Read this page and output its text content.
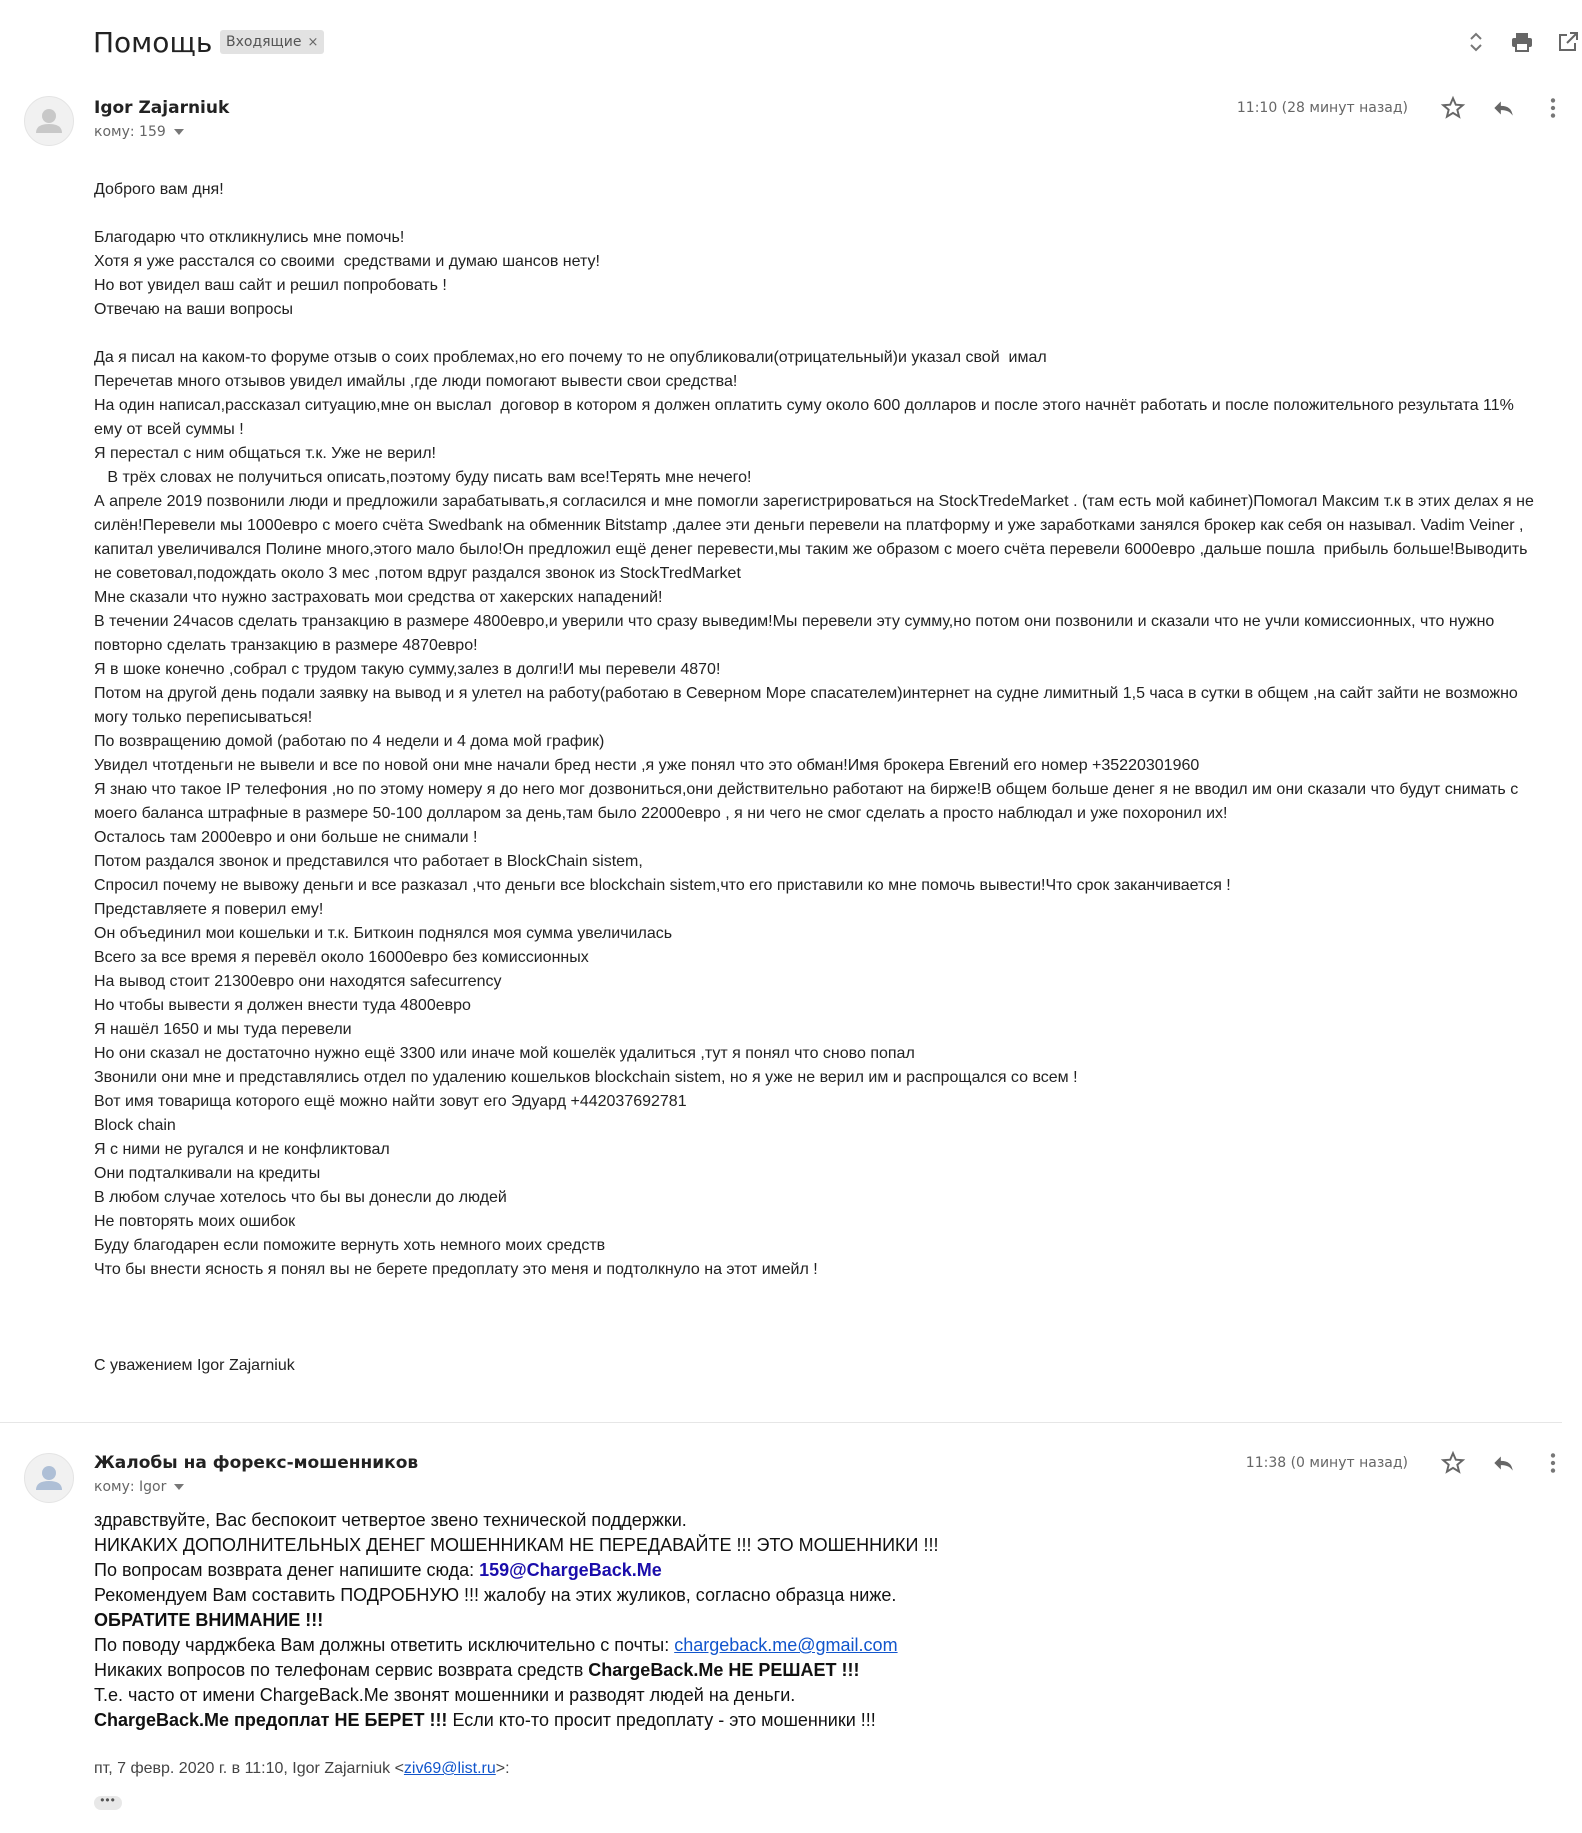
Помощь Входящие ×
Igor Zajarniuk
кому: 159
11:10 (28 минут назад)
Доброго вам дня!
Благодарю что откликнулись мне помочь!
Хотя я уже расстался со своими  средствами и думаю шансов нету!
Но вот увидел ваш сайт и решил попробовать !
Отвечаю на ваши вопросы
Да я писал на каком-то форуме отзыв о соих проблемах,но его почему то не опубликовали(отрицательный)и указал свой  имал
Перечетав много отзывов увидел имайлы ,где люди помогают вывести свои средства!
На один написал,рассказал ситуацию,мне он выслал  договор в котором я должен оплатить суму около 600 долларов и после этого начнёт работать и после положительного результата 11%
ему от всей суммы !
Я перестал с ним общаться т.к. Уже не верил!
В трёх словах не получиться описать,поэтому буду писать вам все!Терять мне нечего!
А апреле 2019 позвонили люди и предложили зарабатывать,я согласился и мне помогли зарегистрироваться на StockTredeMarket . (там есть мой кабинет)Помогал Максим т.к в этих делах я не
силён!Перевели мы 1000евро с моего счёта Swedbank на обменник Bitstamp ,далее эти деньги перевели на платформу и уже заработками занялся брокер как себя он называл. Vadim Veiner ,
капитал увеличивался Полине много,этого мало было!Он предложил ещё денег перевести,мы таким же образом с моего счёта перевели 6000евро ,дальше пошла  прибыль больше!Выводить
не советовал,подождать около 3 мес ,потом вдруг раздался звонок из StockTredMarket
Мне сказали что нужно застраховать мои средства от хакерских нападений!
В течении 24часов сделать транзакцию в размере 4800евро,и уверили что сразу выведим!Мы перевели эту сумму,но потом они позвонили и сказали что не учли комиссионных, что нужно
повторно сделать транзакцию в размере 4870евро!
Я в шоке конечно ,собрал с трудом такую сумму,залез в долги!И мы перевели 4870!
Потом на другой день подали заявку на вывод и я улетел на работу(работаю в Северном Море спасателем)интернет на судне лимитный 1,5 часа в сутки в общем ,на сайт зайти не возможно
могу только переписываться!
По возвращению домой (работаю по 4 недели и 4 дома мой график)
Увидел чтотденьги не вывели и все по новой они мне начали бред нести ,я уже понял что это обман!Имя брокера Евгений его номер +35220301960
Я знаю что такое IP телефония ,но по этому номеру я до него мог дозвониться,они действительно работают на бирже!В общем больше денег я не вводил им они сказали что будут снимать с
моего баланса штрафные в размере 50-100 долларом за день,там было 22000евро , я ни чего не смог сделать а просто наблюдал и уже похоронил их!
Осталось там 2000евро и они больше не снимали !
Потом раздался звонок и представился что работает в BlockChain sistem,
Спросил почему не вывожу деньги и все разказал ,что деньги все blockchain sistem,что его приставили ко мне помочь вывести!Что срок заканчивается !
Представляете я поверил ему!
Он объединил мои кошельки и т.к. Биткоин поднялся моя сумма увеличилась
Всего за все время я перевёл около 16000евро без комиссионных
На вывод стоит 21300евро они находятся safecurrency
Но чтобы вывести я должен внести туда 4800евро
Я нашёл 1650 и мы туда перевели
Но они сказал не достаточно нужно ещё 3300 или иначе мой кошелёк удалиться ,тут я понял что сново попал
Звонили они мне и представлялись отдел по удалению кошельков blockchain sistem, но я уже не верил им и распрощался со всем !
Вот имя товарища которого ещё можно найти зовут его Эдуард +442037692781
Block chain
Я с ними не ругался и не конфликтовал
Они подталкивали на кредиты
В любом случае хотелось что бы вы донесли до людей
Не повторять моих ошибок
Буду благодарен если поможите вернуть хоть немного моих средств
Что бы внести ясность я понял вы не берете предоплату это меня и подтолкнуло на этот имейл !
С уважением Igor Zajarniuk
Жалобы на форекс-мошенников
кому: Igor
11:38 (0 минут назад)
здравствуйте, Вас беспокоит четвертое звено технической поддержки.
НИКАКИХ ДОПОЛНИТЕЛЬНЫХ ДЕНЕГ МОШЕННИКАМ НЕ ПЕРЕДАВАЙТЕ !!! ЭТО МОШЕННИКИ !!!
По вопросам возврата денег напишите сюда: 159@ChargeBack.Me
Рекомендуем Вам составить ПОДРОБНУЮ !!! жалобу на этих жуликов, согласно образца ниже.
ОБРАТИТЕ ВНИМАНИЕ !!!
По поводу чарджбека Вам должны ответить исключительно с почты: chargeback.me@gmail.com
Никаких вопросов по телефонам сервис возврата средств ChargeBack.Me НЕ РЕШАЕТ !!!
Т.е. часто от имени ChargeBack.Me звонят мошенники и разводят людей на деньги.
ChargeBack.Me предоплат НЕ БЕРЕТ !!! Если кто-то просит предоплату - это мошенники !!!
пт, 7 февр. 2020 г. в 11:10, Igor Zajarniuk <ziv69@list.ru>:
•••
